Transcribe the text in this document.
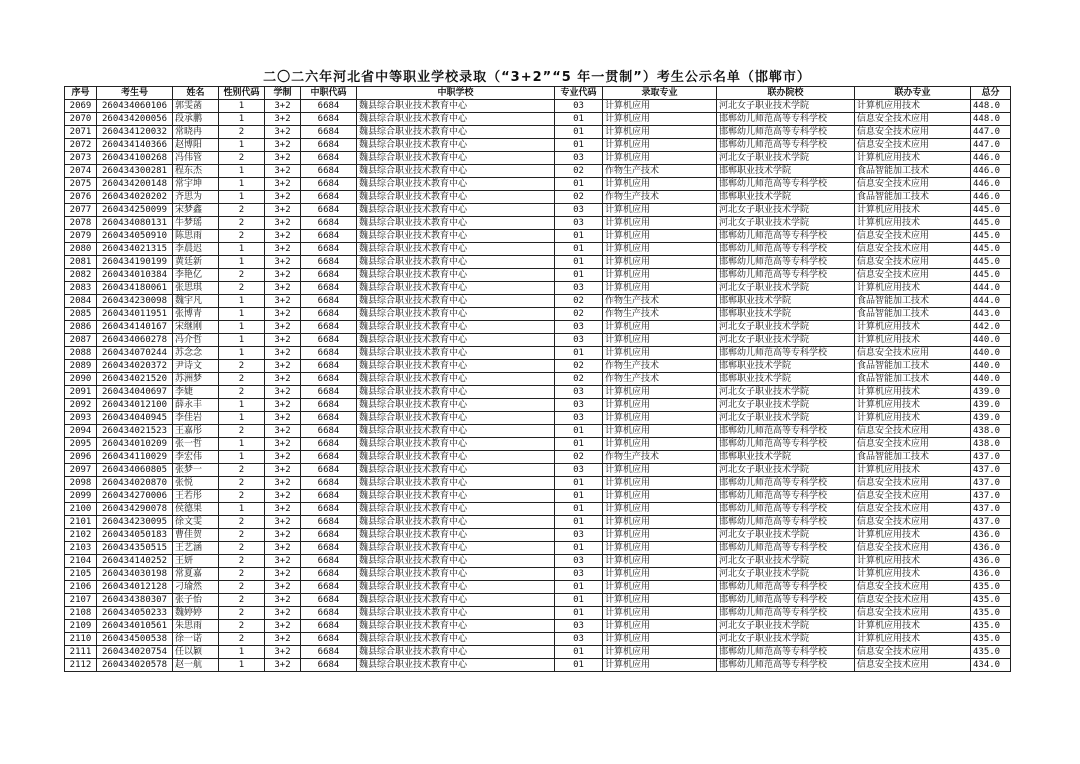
二〇二六年河北省中等职业学校录取（“3+2”“5 年一贯制”）考生公示名单（邯郸市）
序号	考生号	姓名	性别代码	学制	中职代码	中职学校	专业代码	录取专业	联办院校	联办专业	总分
2069	260434060106	郭雯菡	1	3+2	6684	魏县综合职业技术教育中心	03	计算机应用	河北女子职业技术学院	计算机应用技术	448.0
2070	260434200056	段承鹏	1	3+2	6684	魏县综合职业技术教育中心	01	计算机应用	邯郸幼儿师范高等专科学校	信息安全技术应用	448.0
2071	260434120032	常晓冉	2	3+2	6684	魏县综合职业技术教育中心	01	计算机应用	邯郸幼儿师范高等专科学校	信息安全技术应用	447.0
2072	260434140366	赵博阳	1	3+2	6684	魏县综合职业技术教育中心	01	计算机应用	邯郸幼儿师范高等专科学校	信息安全技术应用	447.0
2073	260434100268	冯伟管	2	3+2	6684	魏县综合职业技术教育中心	03	计算机应用	河北女子职业技术学院	计算机应用技术	446.0
2074	260434300281	程东杰	1	3+2	6684	魏县综合职业技术教育中心	02	作物生产技术	邯郸职业技术学院	食品智能加工技术	446.0
2075	260434200148	常宇坤	1	3+2	6684	魏县综合职业技术教育中心	01	计算机应用	邯郸幼儿师范高等专科学校	信息安全技术应用	446.0
2076	260434020202	齐思为	1	3+2	6684	魏县综合职业技术教育中心	02	作物生产技术	邯郸职业技术学院	食品智能加工技术	446.0
2077	260434250099	宋梦鑫	2	3+2	6684	魏县综合职业技术教育中心	03	计算机应用	河北女子职业技术学院	计算机应用技术	445.0
2078	260434080131	牛梦瑶	2	3+2	6684	魏县综合职业技术教育中心	03	计算机应用	河北女子职业技术学院	计算机应用技术	445.0
2079	260434050910	陈思雨	2	3+2	6684	魏县综合职业技术教育中心	01	计算机应用	邯郸幼儿师范高等专科学校	信息安全技术应用	445.0
2080	260434021315	李晨迟	1	3+2	6684	魏县综合职业技术教育中心	01	计算机应用	邯郸幼儿师范高等专科学校	信息安全技术应用	445.0
2081	260434190199	黄廷新	1	3+2	6684	魏县综合职业技术教育中心	01	计算机应用	邯郸幼儿师范高等专科学校	信息安全技术应用	445.0
2082	260434010384	李艳亿	2	3+2	6684	魏县综合职业技术教育中心	01	计算机应用	邯郸幼儿师范高等专科学校	信息安全技术应用	445.0
2083	260434180061	张思琪	2	3+2	6684	魏县综合职业技术教育中心	03	计算机应用	河北女子职业技术学院	计算机应用技术	444.0
2084	260434230098	魏宇凡	1	3+2	6684	魏县综合职业技术教育中心	02	作物生产技术	邯郸职业技术学院	食品智能加工技术	444.0
2085	260434011951	张博青	1	3+2	6684	魏县综合职业技术教育中心	02	作物生产技术	邯郸职业技术学院	食品智能加工技术	443.0
2086	260434140167	宋继刚	1	3+2	6684	魏县综合职业技术教育中心	03	计算机应用	河北女子职业技术学院	计算机应用技术	442.0
2087	260434060278	冯介哲	1	3+2	6684	魏县综合职业技术教育中心	03	计算机应用	河北女子职业技术学院	计算机应用技术	440.0
2088	260434070244	苏念念	1	3+2	6684	魏县综合职业技术教育中心	01	计算机应用	邯郸幼儿师范高等专科学校	信息安全技术应用	440.0
2089	260434020372	尹诗文	2	3+2	6684	魏县综合职业技术教育中心	02	作物生产技术	邯郸职业技术学院	食品智能加工技术	440.0
2090	260434021520	苏洲梦	2	3+2	6684	魏县综合职业技术教育中心	02	作物生产技术	邯郸职业技术学院	食品智能加工技术	440.0
2091	260434040697	李婕	2	3+2	6684	魏县综合职业技术教育中心	03	计算机应用	河北女子职业技术学院	计算机应用技术	439.0
2092	260434012100	薛永丰	1	3+2	6684	魏县综合职业技术教育中心	03	计算机应用	河北女子职业技术学院	计算机应用技术	439.0
2093	260434040945	李佳岩	1	3+2	6684	魏县综合职业技术教育中心	03	计算机应用	河北女子职业技术学院	计算机应用技术	439.0
2094	260434021523	王嘉彤	2	3+2	6684	魏县综合职业技术教育中心	01	计算机应用	邯郸幼儿师范高等专科学校	信息安全技术应用	438.0
2095	260434010209	张一哲	1	3+2	6684	魏县综合职业技术教育中心	01	计算机应用	邯郸幼儿师范高等专科学校	信息安全技术应用	438.0
2096	260434110029	李宏伟	1	3+2	6684	魏县综合职业技术教育中心	02	作物生产技术	邯郸职业技术学院	食品智能加工技术	437.0
2097	260434060805	张梦一	2	3+2	6684	魏县综合职业技术教育中心	03	计算机应用	河北女子职业技术学院	计算机应用技术	437.0
2098	260434020870	张悦	2	3+2	6684	魏县综合职业技术教育中心	01	计算机应用	邯郸幼儿师范高等专科学校	信息安全技术应用	437.0
2099	260434270006	王若彤	2	3+2	6684	魏县综合职业技术教育中心	01	计算机应用	邯郸幼儿师范高等专科学校	信息安全技术应用	437.0
2100	260434290078	侯德果	1	3+2	6684	魏县综合职业技术教育中心	01	计算机应用	邯郸幼儿师范高等专科学校	信息安全技术应用	437.0
2101	260434230095	徐文雯	2	3+2	6684	魏县综合职业技术教育中心	01	计算机应用	邯郸幼儿师范高等专科学校	信息安全技术应用	437.0
2102	260434050183	曹佳贺	2	3+2	6684	魏县综合职业技术教育中心	03	计算机应用	河北女子职业技术学院	计算机应用技术	436.0
2103	260434350515	王艺涵	2	3+2	6684	魏县综合职业技术教育中心	01	计算机应用	邯郸幼儿师范高等专科学校	信息安全技术应用	436.0
2104	260434140252	王妍	2	3+2	6684	魏县综合职业技术教育中心	03	计算机应用	河北女子职业技术学院	计算机应用技术	436.0
2105	260434030198	常夏嘉	2	3+2	6684	魏县综合职业技术教育中心	03	计算机应用	河北女子职业技术学院	计算机应用技术	436.0
2106	260434012128	刁瑜然	2	3+2	6684	魏县综合职业技术教育中心	01	计算机应用	邯郸幼儿师范高等专科学校	信息安全技术应用	435.0
2107	260434380307	张子怡	2	3+2	6684	魏县综合职业技术教育中心	01	计算机应用	邯郸幼儿师范高等专科学校	信息安全技术应用	435.0
2108	260434050233	魏婷婷	2	3+2	6684	魏县综合职业技术教育中心	01	计算机应用	邯郸幼儿师范高等专科学校	信息安全技术应用	435.0
2109	260434010561	朱思雨	2	3+2	6684	魏县综合职业技术教育中心	03	计算机应用	河北女子职业技术学院	计算机应用技术	435.0
2110	260434500538	徐一诺	2	3+2	6684	魏县综合职业技术教育中心	03	计算机应用	河北女子职业技术学院	计算机应用技术	435.0
2111	260434020754	任以颖	1	3+2	6684	魏县综合职业技术教育中心	01	计算机应用	邯郸幼儿师范高等专科学校	信息安全技术应用	435.0
2112	260434020578	赵一航	1	3+2	6684	魏县综合职业技术教育中心	01	计算机应用	邯郸幼儿师范高等专科学校	信息安全技术应用	434.0
